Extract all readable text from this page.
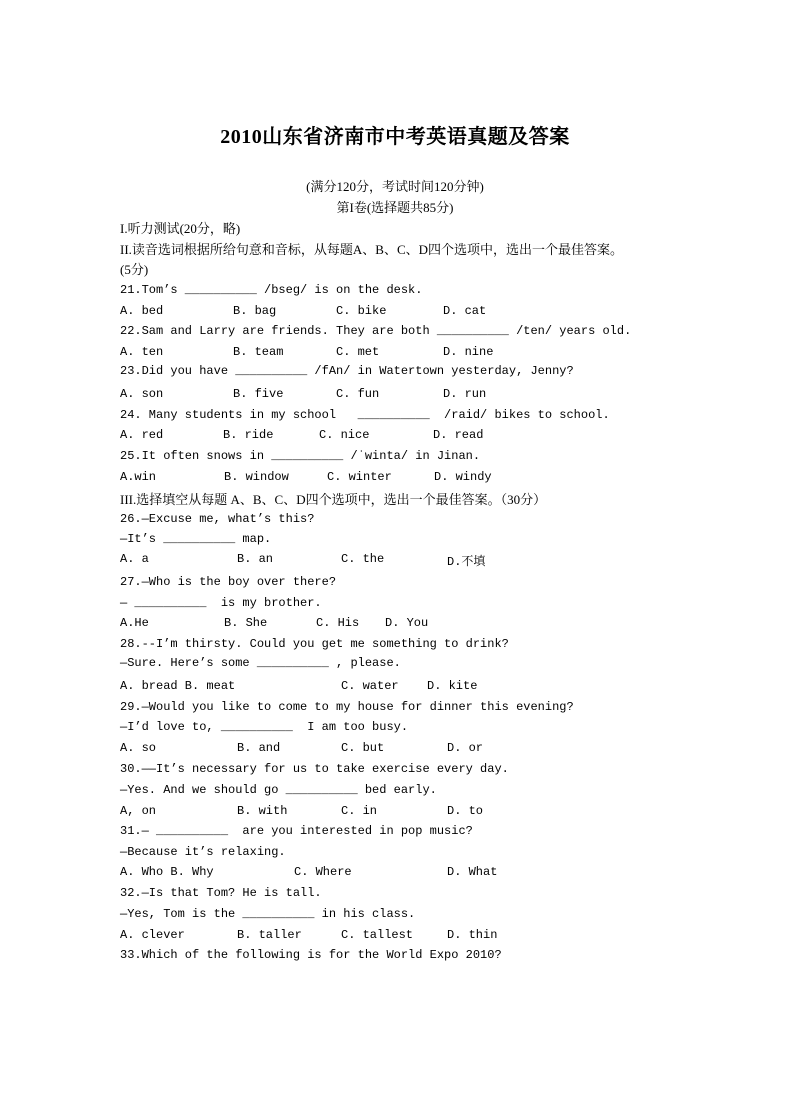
2010山东省济南市中考英语真题及答案
(满分120分，考试时间120分钟)
第I卷(选择题共85分)
I.听力测试(20分，略)
II.读音选词根据所给句意和音标，从每题A、B、C、D四个选项中，选出一个最佳答案。
(5分)
21.Tom’s __________ /bseg/ is on the desk.

A. bed

	B. bag

	C. bike

	D. cat

22.Sam and Larry are friends. They are both __________ /ten/ years old.

A. ten

	B. team

	C. met

	D. nine

23.Did you have __________ /fAn/ in Watertown yesterday, Jenny?

A. son

	B. five

	C. fun

	D. run

24. Many students in my school   __________  /raid/ bikes to school.

A. red

	B. ride

	C. nice

	D. read

25.It often snows in __________ /ˈwinta/ in Jinan.

A.win

	B. window

	C. winter

	D. windy

III.选择填空从每题 A、B、C、D四个选项中，选出一个最佳答案。（30分）
26.—Excuse me, what’s this?
—It’s __________ map.

A. a

	B. an

	C. the

	D.不填

27.—Who is the boy over there?
— __________  is my brother.

A.He

	B. She

	C. His

D. You

28.--I’m thirsty. Could you get me something to drink?
—Sure. Here’s some __________ , please.

A. bread B. meat

	C. water

D. kite

29.—Would you like to come to my house for dinner this evening?
—I’d love to, __________  I am too busy.

A. so

	B. and

	C. but

	D. or

30.——It’s necessary for us to take exercise every day.
—Yes. And we should go __________ bed early.

A, on

	B. with

	C. in

	D. to

31.— __________  are you interested in pop music?
—Because it’s relaxing.

A. Who B. Why

	C. Where

	D. What

32.—Is that Tom? He is tall.
—Yes, Tom is the __________ in his class.

A. clever

	B. taller

	C. tallest

	D. thin

33.Which of the following is for the World Expo 2010?
